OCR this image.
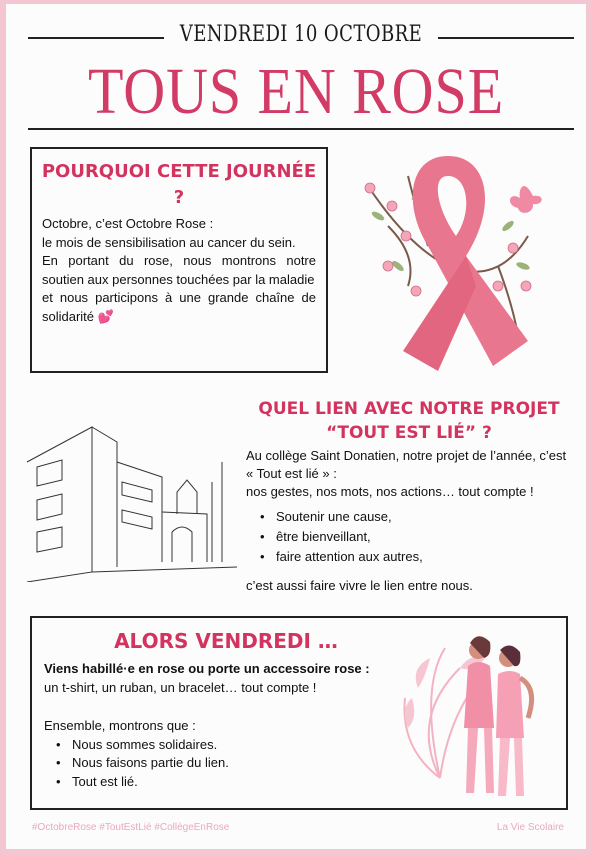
VENDREDI 10 OCTOBRE
TOUS EN ROSE
POURQUOI CETTE JOURNÉE ?
Octobre, c’est Octobre Rose :
le mois de sensibilisation au cancer du sein.
En portant du rose, nous montrons notre soutien aux personnes touchées par la maladie
et nous participons à une grande chaîne de solidarité 💕
QUEL LIEN AVEC NOTRE PROJET “TOUT EST LIÉ” ?
Au collège Saint Donatien, notre projet de l’année, c’est « Tout est lié » :
nos gestes, nos mots, nos actions… tout compte !
• Soutenir une cause,
• être bienveillant,
• faire attention aux autres,
c’est aussi faire vivre le lien entre nous.
ALORS VENDREDI …
Viens habillé·e en rose ou porte un accessoire rose :
un t-shirt, un ruban, un bracelet… tout compte !
Ensemble, montrons que :
• Nous sommes solidaires.
• Nous faisons partie du lien.
• Tout est lié.
#OctobreRose #ToutEstLié #CollègeEnRose	La Vie Scolaire
